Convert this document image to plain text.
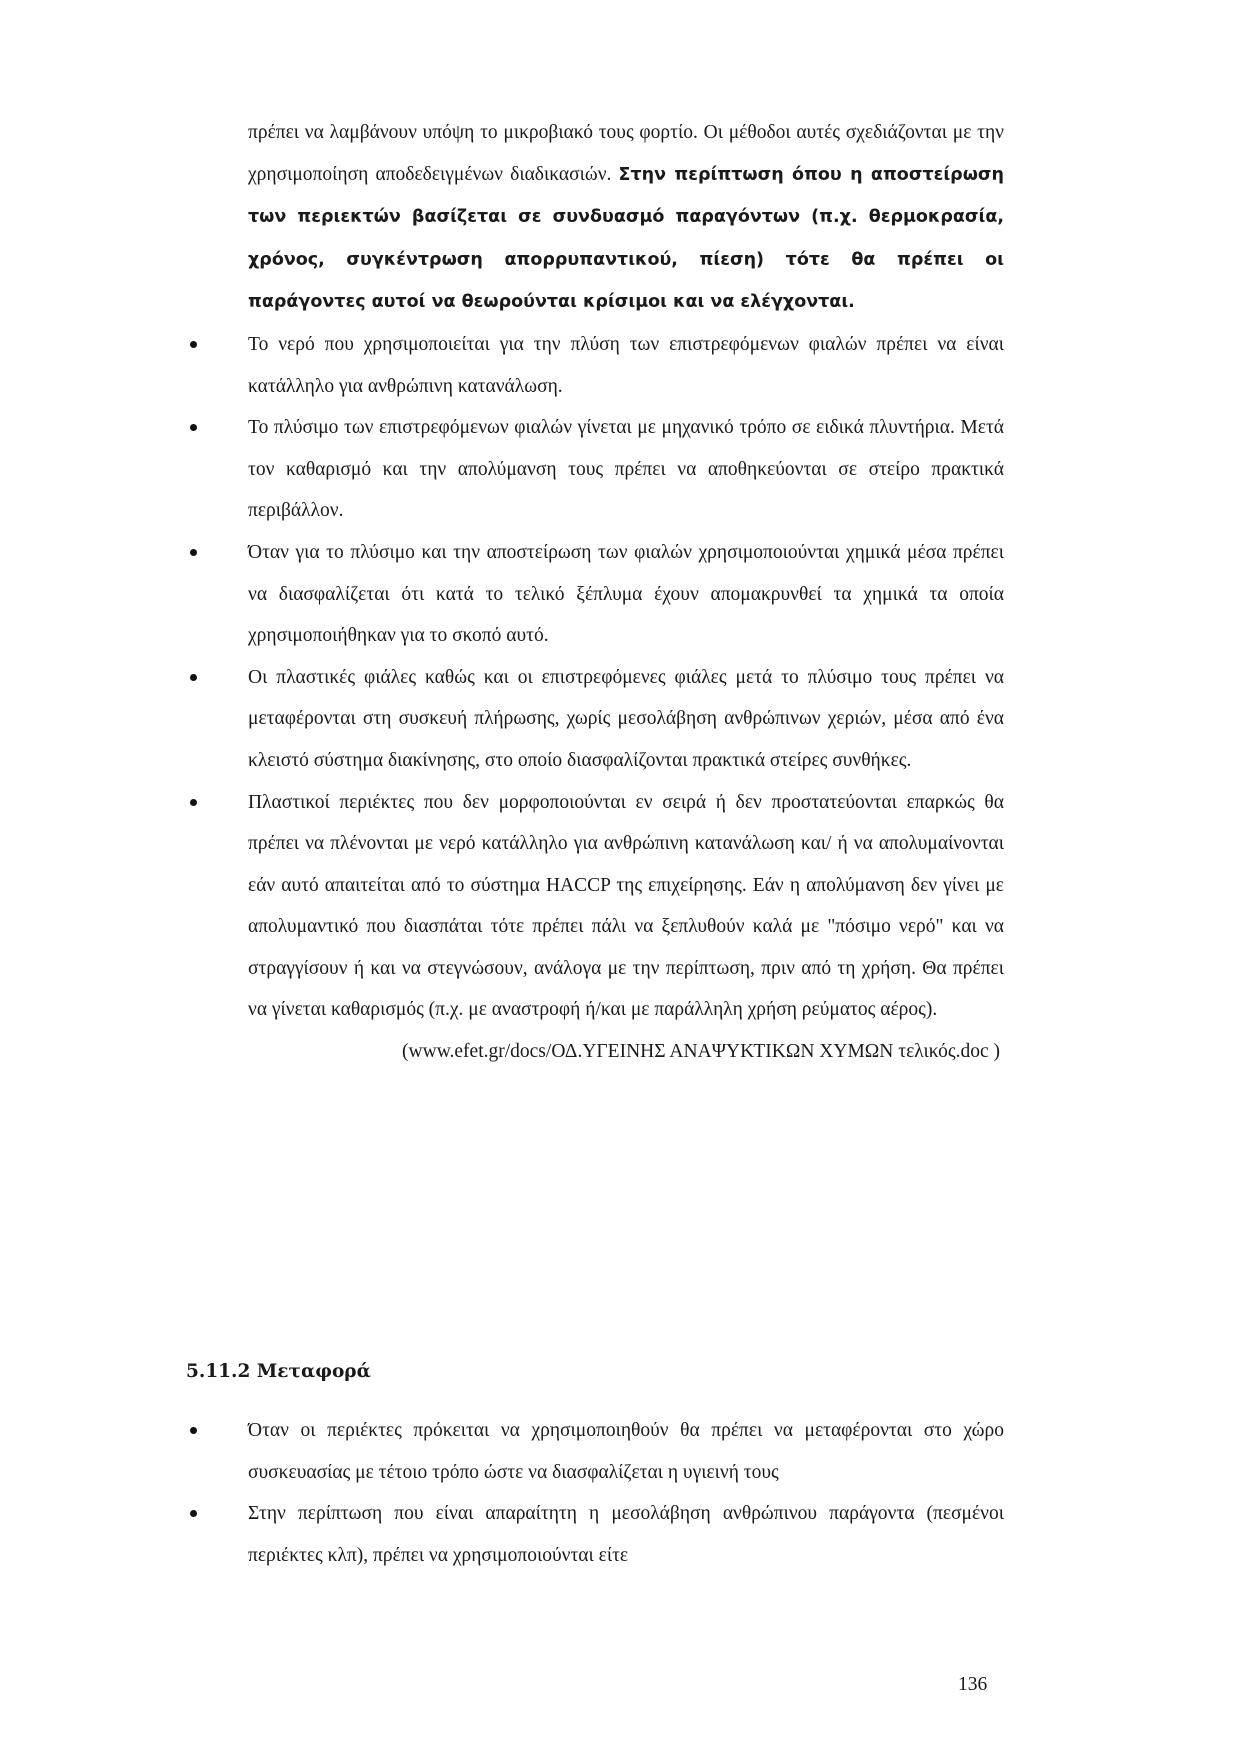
πρέπει να λαμβάνουν υπόψη το μικροβιακό τους φορτίο. Οι μέθοδοι αυτές σχεδιάζονται με την χρησιμοποίηση αποδεδειγμένων διαδικασιών. Στην περίπτωση όπου η αποστείρωση των περιεκτών βασίζεται σε συνδυασμό παραγόντων (π.χ. θερμοκρασία, χρόνος, συγκέντρωση απορρυπαντικού, πίεση) τότε θα πρέπει οι παράγοντες αυτοί να θεωρούνται κρίσιμοι και να ελέγχονται.

Το νερό που χρησιμοποιείται για την πλύση των επιστρεφόμενων φιαλών πρέπει να είναι κατάλληλο για ανθρώπινη κατανάλωση.

Το πλύσιμο των επιστρεφόμενων φιαλών γίνεται με μηχανικό τρόπο σε ειδικά πλυντήρια. Μετά τον καθαρισμό και την απολύμανση τους πρέπει να αποθηκεύονται σε στείρο πρακτικά περιβάλλον.

Όταν για το πλύσιμο και την αποστείρωση των φιαλών χρησιμοποιούνται χημικά μέσα πρέπει να διασφαλίζεται ότι κατά το τελικό ξέπλυμα έχουν απομακρυνθεί τα χημικά τα οποία χρησιμοποιήθηκαν για το σκοπό αυτό.

Οι πλαστικές φιάλες καθώς και οι επιστρεφόμενες φιάλες μετά το πλύσιμο τους πρέπει να μεταφέρονται στη συσκευή πλήρωσης, χωρίς μεσολάβηση ανθρώπινων χεριών, μέσα από ένα κλειστό σύστημα διακίνησης, στο οποίο διασφαλίζονται πρακτικά στείρες συνθήκες.

Πλαστικοί περιέκτες που δεν μορφοποιούνται εν σειρά ή δεν προστατεύονται επαρκώς θα πρέπει να πλένονται με νερό κατάλληλο για ανθρώπινη κατανάλωση και/ ή να απολυμαίνονται εάν αυτό απαιτείται από το σύστημα HACCP της επιχείρησης. Εάν η απολύμανση δεν γίνει με απολυμαντικό που διασπάται τότε πρέπει πάλι να ξεπλυθούν καλά με "πόσιμο νερό" και να στραγγίσουν ή και να στεγνώσουν, ανάλογα με την περίπτωση, πριν από τη χρήση. Θα πρέπει να γίνεται καθαρισμός (π.χ. με αναστροφή ή/και με παράλληλη χρήση ρεύματος αέρος).

(www.efet.gr/docs/ΟΔ.ΥΓΕΙΝΗΣ ΑΝΑΨΥΚΤΙΚΩΝ ΧΥΜΩΝ τελικός.doc )

5.11.2 Μεταφορά

Όταν οι περιέκτες πρόκειται να χρησιμοποιηθούν θα πρέπει να μεταφέρονται στο χώρο συσκευασίας με τέτοιο τρόπο ώστε να διασφαλίζεται η υγιεινή τους

Στην περίπτωση που είναι απαραίτητη η μεσολάβηση ανθρώπινου παράγοντα (πεσμένοι περιέκτες κλπ), πρέπει να χρησιμοποιούνται είτε

136
